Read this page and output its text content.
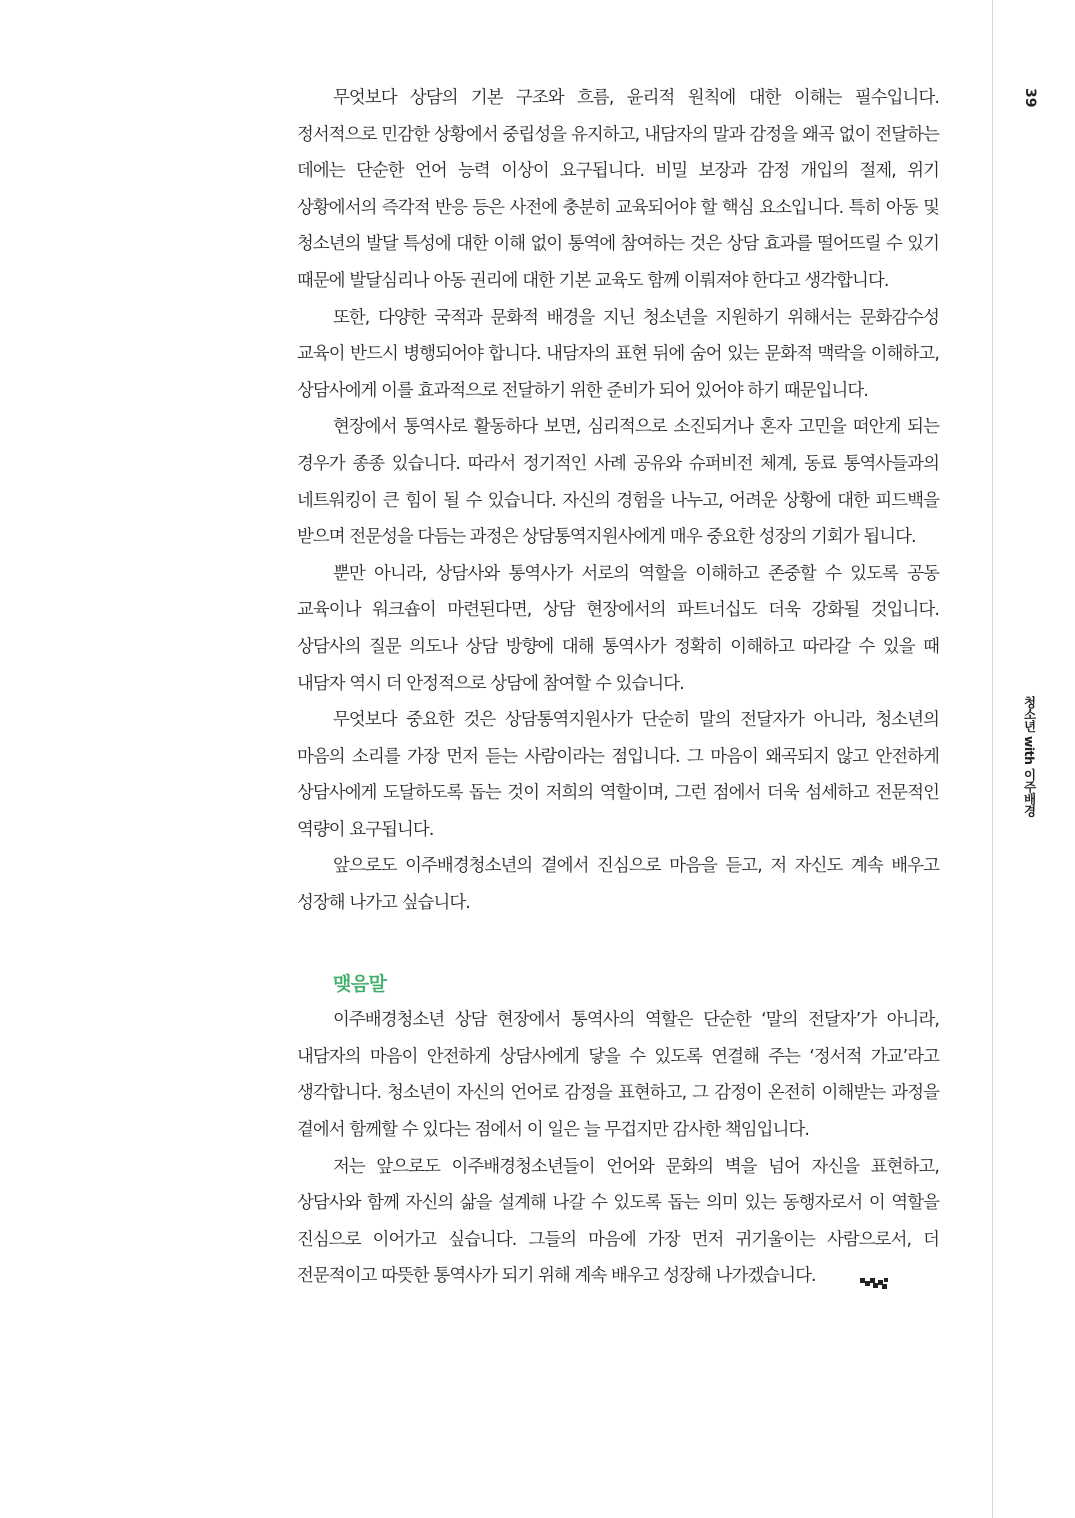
39
청소년 with 이주배경

무엇보다 상담의 기본 구조와 흐름, 윤리적 원칙에 대한 이해는 필수입니다. 정서적으로 민감한 상황에서 중립성을 유지하고, 내담자의 말과 감정을 왜곡 없이 전달하는 데에는 단순한 언어 능력 이상이 요구됩니다. 비밀 보장과 감정 개입의 절제, 위기 상황에서의 즉각적 반응 등은 사전에 충분히 교육되어야 할 핵심 요소입니다. 특히 아동 및 청소년의 발달 특성에 대한 이해 없이 통역에 참여하는 것은 상담 효과를 떨어뜨릴 수 있기 때문에 발달심리나 아동 권리에 대한 기본 교육도 함께 이뤄져야 한다고 생각합니다.

또한, 다양한 국적과 문화적 배경을 지닌 청소년을 지원하기 위해서는 문화감수성 교육이 반드시 병행되어야 합니다. 내담자의 표현 뒤에 숨어 있는 문화적 맥락을 이해하고, 상담사에게 이를 효과적으로 전달하기 위한 준비가 되어 있어야 하기 때문입니다.

현장에서 통역사로 활동하다 보면, 심리적으로 소진되거나 혼자 고민을 떠안게 되는 경우가 종종 있습니다. 따라서 정기적인 사례 공유와 슈퍼비전 체계, 동료 통역사들과의 네트워킹이 큰 힘이 될 수 있습니다. 자신의 경험을 나누고, 어려운 상황에 대한 피드백을 받으며 전문성을 다듬는 과정은 상담통역지원사에게 매우 중요한 성장의 기회가 됩니다.

뿐만 아니라, 상담사와 통역사가 서로의 역할을 이해하고 존중할 수 있도록 공동 교육이나 워크숍이 마련된다면, 상담 현장에서의 파트너십도 더욱 강화될 것입니다. 상담사의 질문 의도나 상담 방향에 대해 통역사가 정확히 이해하고 따라갈 수 있을 때 내담자 역시 더 안정적으로 상담에 참여할 수 있습니다.

무엇보다 중요한 것은 상담통역지원사가 단순히 말의 전달자가 아니라, 청소년의 마음의 소리를 가장 먼저 듣는 사람이라는 점입니다. 그 마음이 왜곡되지 않고 안전하게 상담사에게 도달하도록 돕는 것이 저희의 역할이며, 그런 점에서 더욱 섬세하고 전문적인 역량이 요구됩니다.

앞으로도 이주배경청소년의 곁에서 진심으로 마음을 듣고, 저 자신도 계속 배우고 성장해 나가고 싶습니다.

맺음말

이주배경청소년 상담 현장에서 통역사의 역할은 단순한 ‘말의 전달자’가 아니라, 내담자의 마음이 안전하게 상담사에게 닿을 수 있도록 연결해 주는 ‘정서적 가교’라고 생각합니다. 청소년이 자신의 언어로 감정을 표현하고, 그 감정이 온전히 이해받는 과정을 곁에서 함께할 수 있다는 점에서 이 일은 늘 무겁지만 감사한 책임입니다.

저는 앞으로도 이주배경청소년들이 언어와 문화의 벽을 넘어 자신을 표현하고, 상담사와 함께 자신의 삶을 설계해 나갈 수 있도록 돕는 의미 있는 동행자로서 이 역할을 진심으로 이어가고 싶습니다. 그들의 마음에 가장 먼저 귀기울이는 사람으로서, 더 전문적이고 따뜻한 통역사가 되기 위해 계속 배우고 성장해 나가겠습니다.
